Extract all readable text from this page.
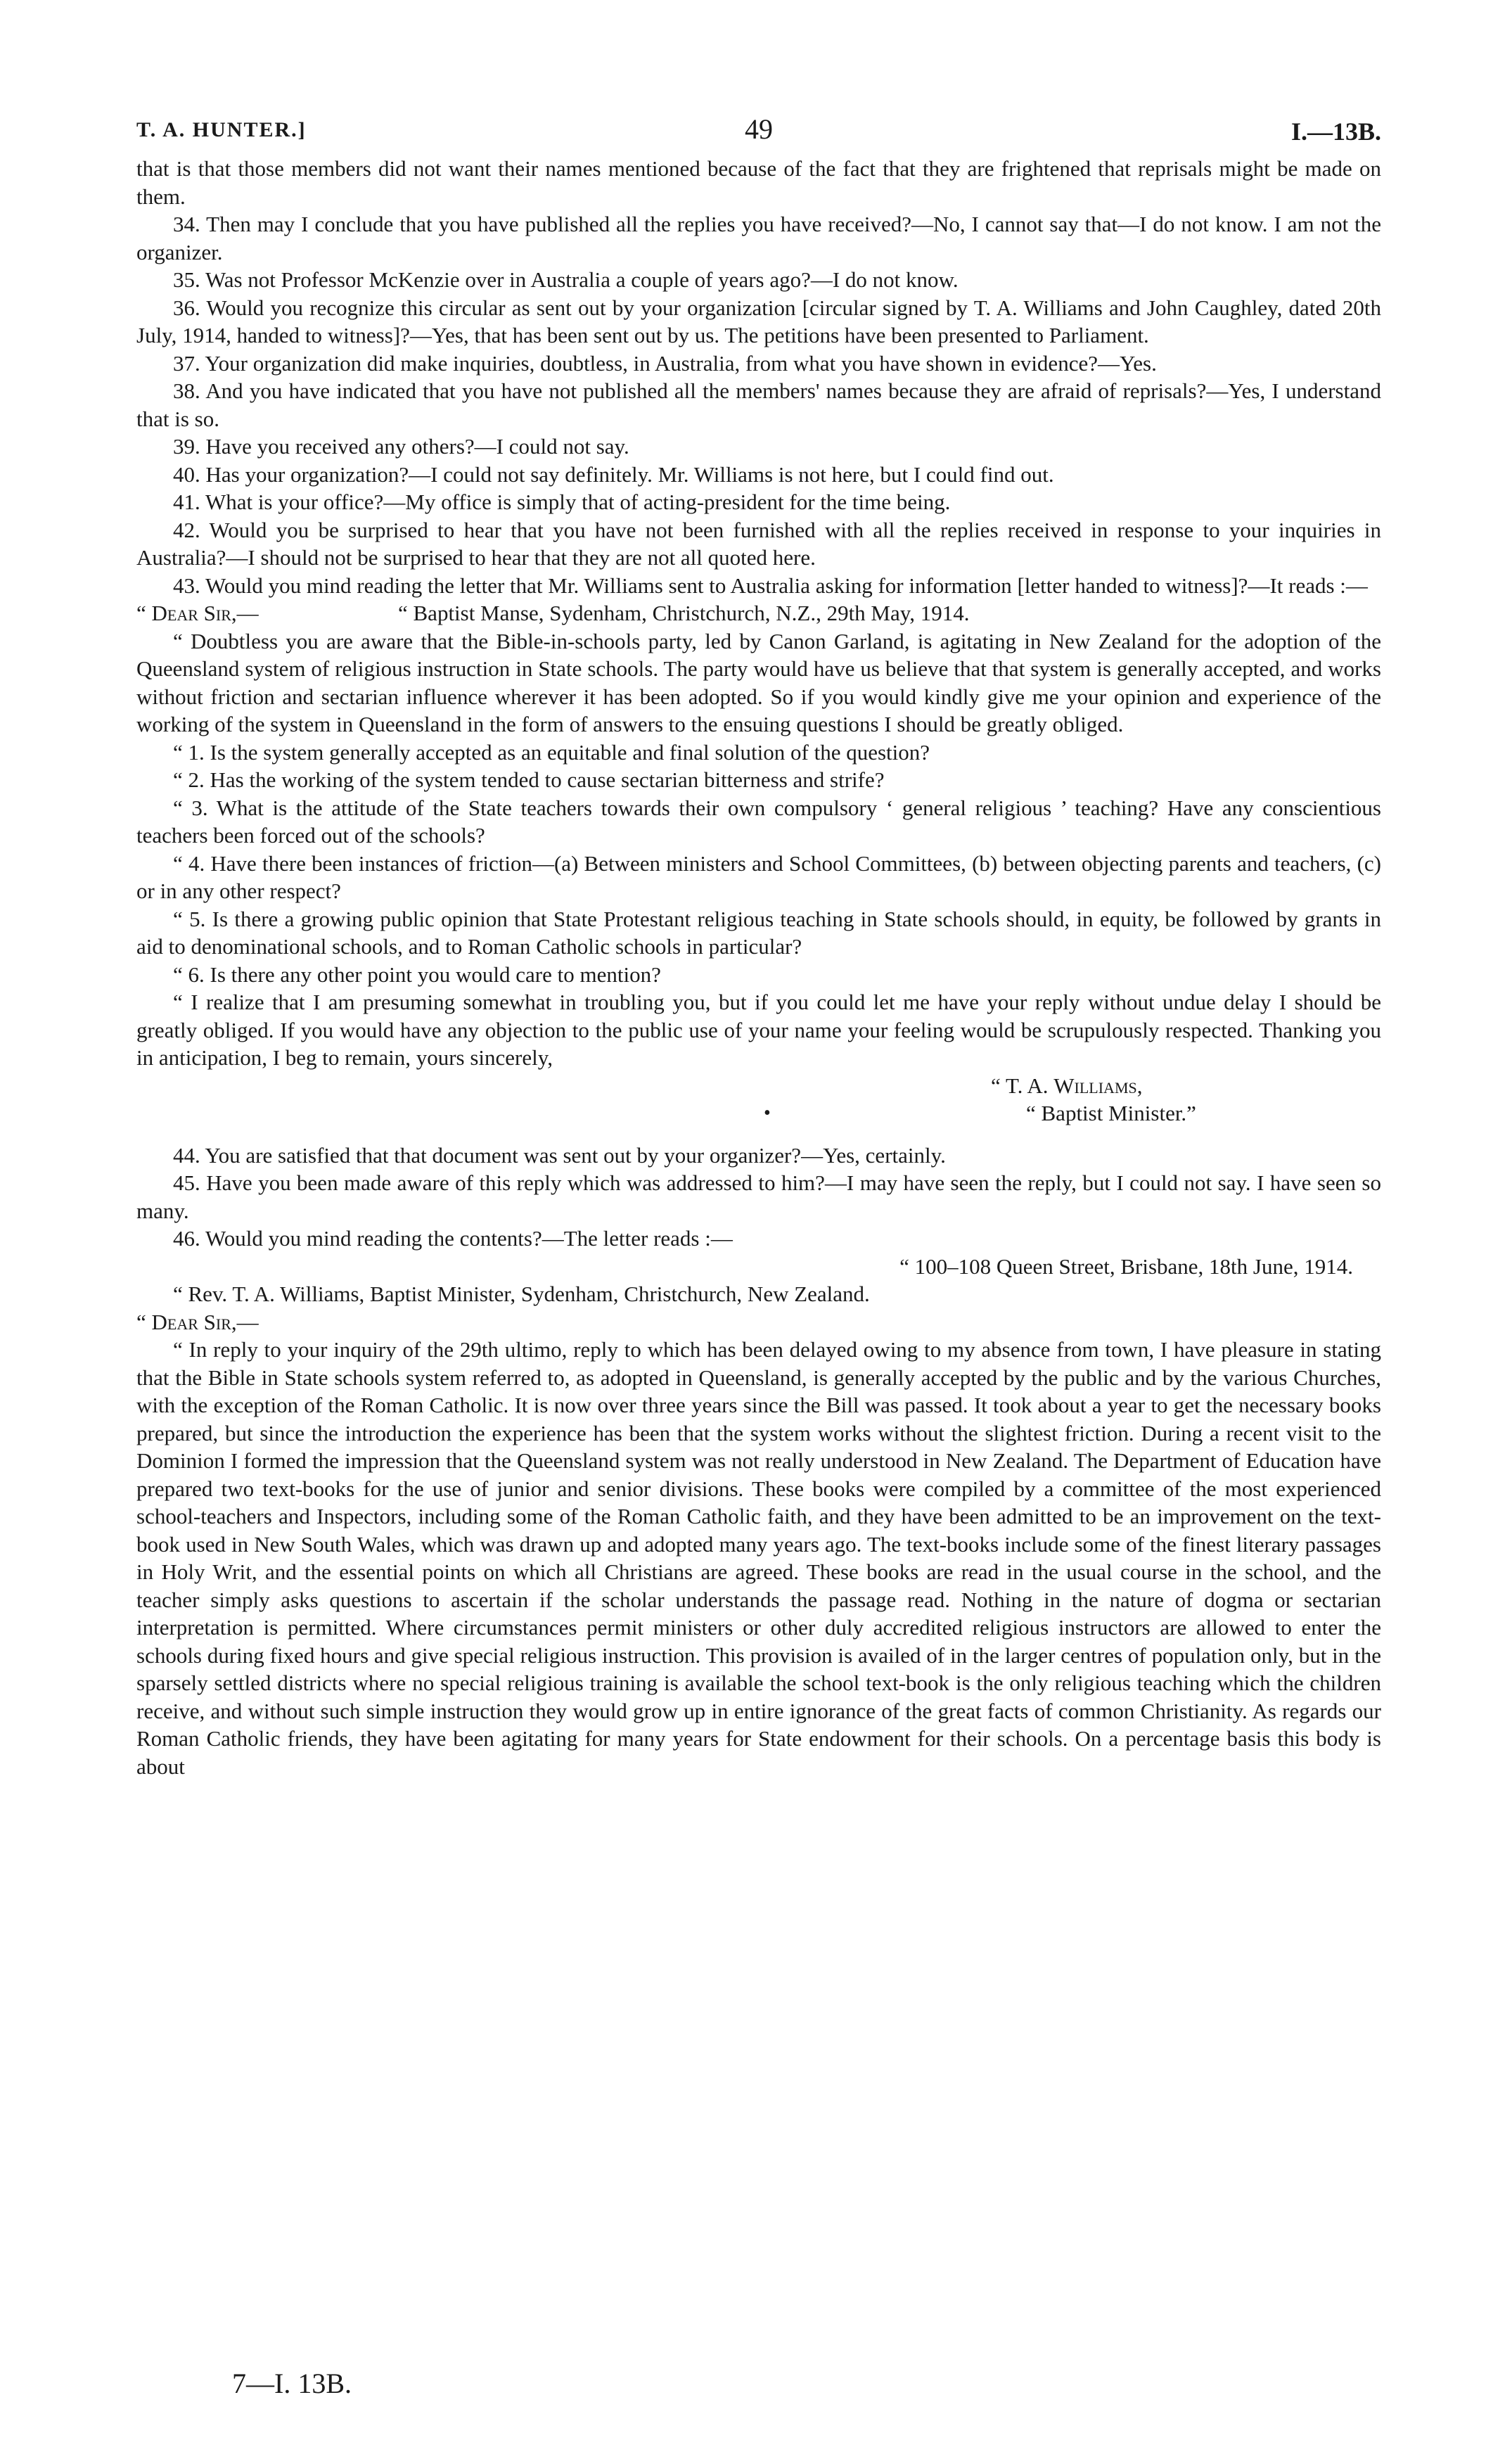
T. A. HUNTER.]	49	I.—13B.

that is that those members did not want their names mentioned because of the fact that they are frightened that reprisals might be made on them.

34. Then may I conclude that you have published all the replies you have received?—No, I cannot say that—I do not know. I am not the organizer.

35. Was not Professor McKenzie over in Australia a couple of years ago?—I do not know.

36. Would you recognize this circular as sent out by your organization [circular signed by T. A. Williams and John Caughley, dated 20th July, 1914, handed to witness]?—Yes, that has been sent out by us. The petitions have been presented to Parliament.

37. Your organization did make inquiries, doubtless, in Australia, from what you have shown in evidence?—Yes.

38. And you have indicated that you have not published all the members' names because they are afraid of reprisals?—Yes, I understand that is so.

39. Have you received any others?—I could not say.

40. Has your organization?—I could not say definitely. Mr. Williams is not here, but I could find out.

41. What is your office?—My office is simply that of acting-president for the time being.

42. Would you be surprised to hear that you have not been furnished with all the replies received in response to your inquiries in Australia?—I should not be surprised to hear that they are not all quoted here.

43. Would you mind reading the letter that Mr. Williams sent to Australia asking for information [letter handed to witness]?—It reads :—

“ Dear Sir,—	“ Baptist Manse, Sydenham, Christchurch, N.Z., 29th May, 1914.

“ Doubtless you are aware that the Bible-in-schools party, led by Canon Garland, is agitating in New Zealand for the adoption of the Queensland system of religious instruction in State schools. The party would have us believe that that system is generally accepted, and works without friction and sectarian influence wherever it has been adopted. So if you would kindly give me your opinion and experience of the working of the system in Queensland in the form of answers to the ensuing questions I should be greatly obliged.

“ 1. Is the system generally accepted as an equitable and final solution of the question?

“ 2. Has the working of the system tended to cause sectarian bitterness and strife?

“ 3. What is the attitude of the State teachers towards their own compulsory ‘ general religious ’ teaching? Have any conscientious teachers been forced out of the schools?

“ 4. Have there been instances of friction—(a) Between ministers and School Committees, (b) between objecting parents and teachers, (c) or in any other respect?

“ 5. Is there a growing public opinion that State Protestant religious teaching in State schools should, in equity, be followed by grants in aid to denominational schools, and to Roman Catholic schools in particular?

“ 6. Is there any other point you would care to mention?

“ I realize that I am presuming somewhat in troubling you, but if you could let me have your reply without undue delay I should be greatly obliged. If you would have any objection to the public use of your name your feeling would be scrupulously respected. Thanking you in anticipation, I beg to remain, yours sincerely,

“ T. A. Williams,

•	“ Baptist Minister.”

44. You are satisfied that that document was sent out by your organizer?—Yes, certainly.

45. Have you been made aware of this reply which was addressed to him?—I may have seen the reply, but I could not say. I have seen so many.

46. Would you mind reading the contents?—The letter reads :—

“ 100–108 Queen Street, Brisbane, 18th June, 1914.

“ Rev. T. A. Williams, Baptist Minister, Sydenham, Christchurch, New Zealand.

“ Dear Sir,—

“ In reply to your inquiry of the 29th ultimo, reply to which has been delayed owing to my absence from town, I have pleasure in stating that the Bible in State schools system referred to, as adopted in Queensland, is generally accepted by the public and by the various Churches, with the exception of the Roman Catholic. It is now over three years since the Bill was passed. It took about a year to get the necessary books prepared, but since the introduction the experience has been that the system works without the slightest friction. During a recent visit to the Dominion I formed the impression that the Queensland system was not really understood in New Zealand. The Department of Education have prepared two text-books for the use of junior and senior divisions. These books were compiled by a committee of the most experienced school-teachers and Inspectors, including some of the Roman Catholic faith, and they have been admitted to be an improvement on the text-book used in New South Wales, which was drawn up and adopted many years ago. The text-books include some of the finest literary passages in Holy Writ, and the essential points on which all Christians are agreed. These books are read in the usual course in the school, and the teacher simply asks questions to ascertain if the scholar understands the passage read. Nothing in the nature of dogma or sectarian interpretation is permitted. Where circumstances permit ministers or other duly accredited religious instructors are allowed to enter the schools during fixed hours and give special religious instruction. This provision is availed of in the larger centres of population only, but in the sparsely settled districts where no special religious training is available the school text-book is the only religious teaching which the children receive, and without such simple instruction they would grow up in entire ignorance of the great facts of common Christianity. As regards our Roman Catholic friends, they have been agitating for many years for State endowment for their schools. On a percentage basis this body is about

7—I. 13B.
